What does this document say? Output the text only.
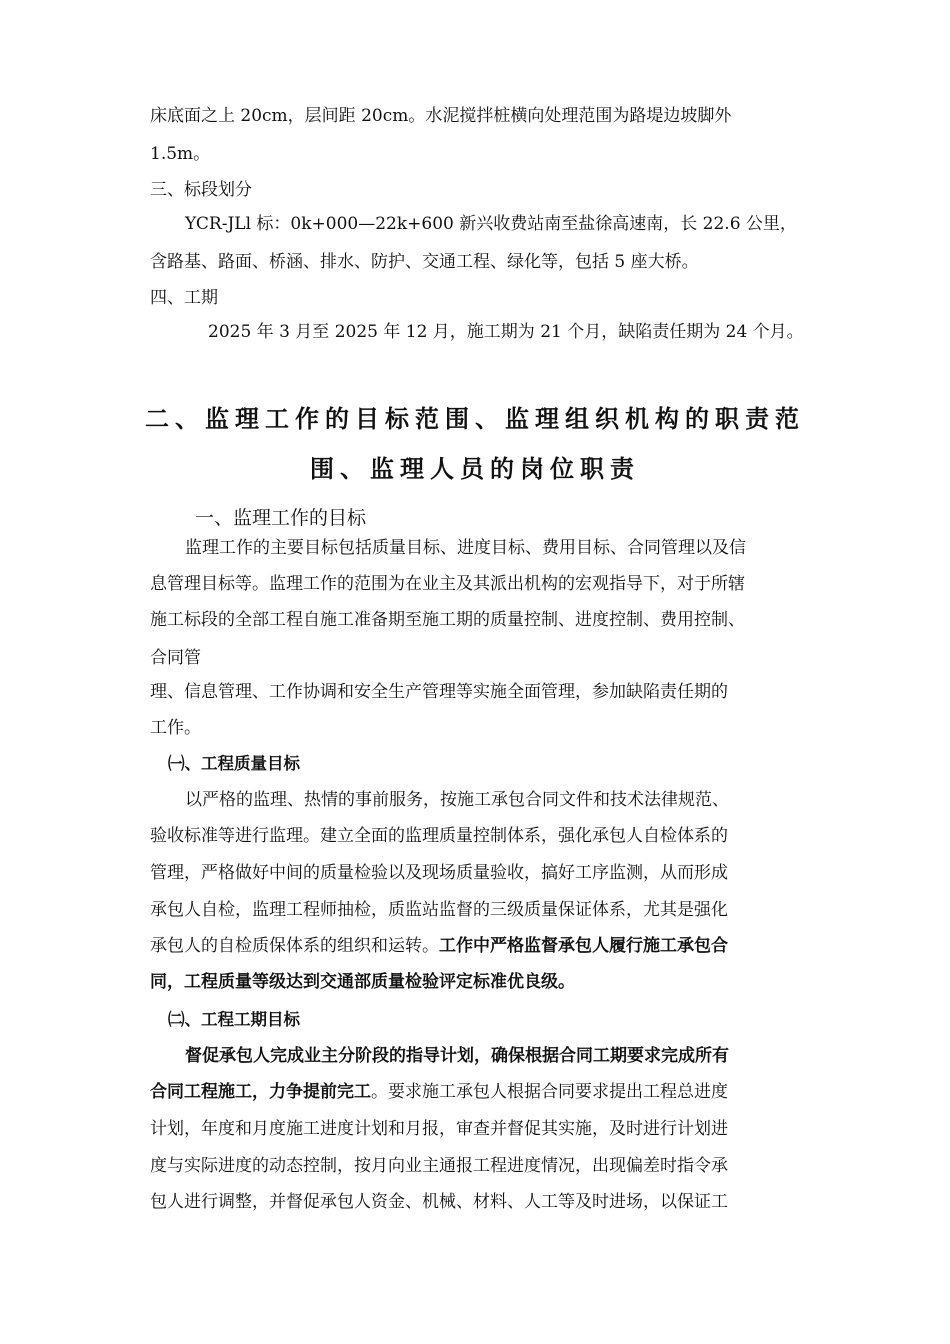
床底面之上 20cm，层间距 20cm。水泥搅拌桩横向处理范围为路堤边坡脚外
1.5m。
三、标段划分
YCR-JLl 标：0k+000—22k+600 新兴收费站南至盐徐高速南，长 22.6 公里，
含路基、路面、桥涵、排水、防护、交通工程、绿化等，包括 5 座大桥。
四、工期
2025 年 3 月至 2025 年 12 月，施工期为 21 个月，缺陷责任期为 24 个月。
二、监理工作的目标范围、监理组织机构的职责范
围、监理人员的岗位职责
一、监理工作的目标
监理工作的主要目标包括质量目标、进度目标、费用目标、合同管理以及信
息管理目标等。监理工作的范围为在业主及其派出机构的宏观指导下，对于所辖
施工标段的全部工程自施工准备期至施工期的质量控制、进度控制、费用控制、
合同管
理、信息管理、工作协调和安全生产管理等实施全面管理，参加缺陷责任期的
工作。
㈠、工程质量目标
以严格的监理、热情的事前服务，按施工承包合同文件和技术法律规范、
验收标准等进行监理。建立全面的监理质量控制体系，强化承包人自检体系的
管理，严格做好中间的质量检验以及现场质量验收，搞好工序监测，从而形成
承包人自检，监理工程师抽检，质监站监督的三级质量保证体系，尤其是强化
承包人的自检质保体系的组织和运转。工作中严格监督承包人履行施工承包合
同，工程质量等级达到交通部质量检验评定标准优良级。
㈡、工程工期目标
督促承包人完成业主分阶段的指导计划，确保根据合同工期要求完成所有
合同工程施工，力争提前完工。要求施工承包人根据合同要求提出工程总进度
计划，年度和月度施工进度计划和月报，审查并督促其实施，及时进行计划进
度与实际进度的动态控制，按月向业主通报工程进度情况，出现偏差时指令承
包人进行调整，并督促承包人资金、机械、材料、人工等及时进场，以保证工
